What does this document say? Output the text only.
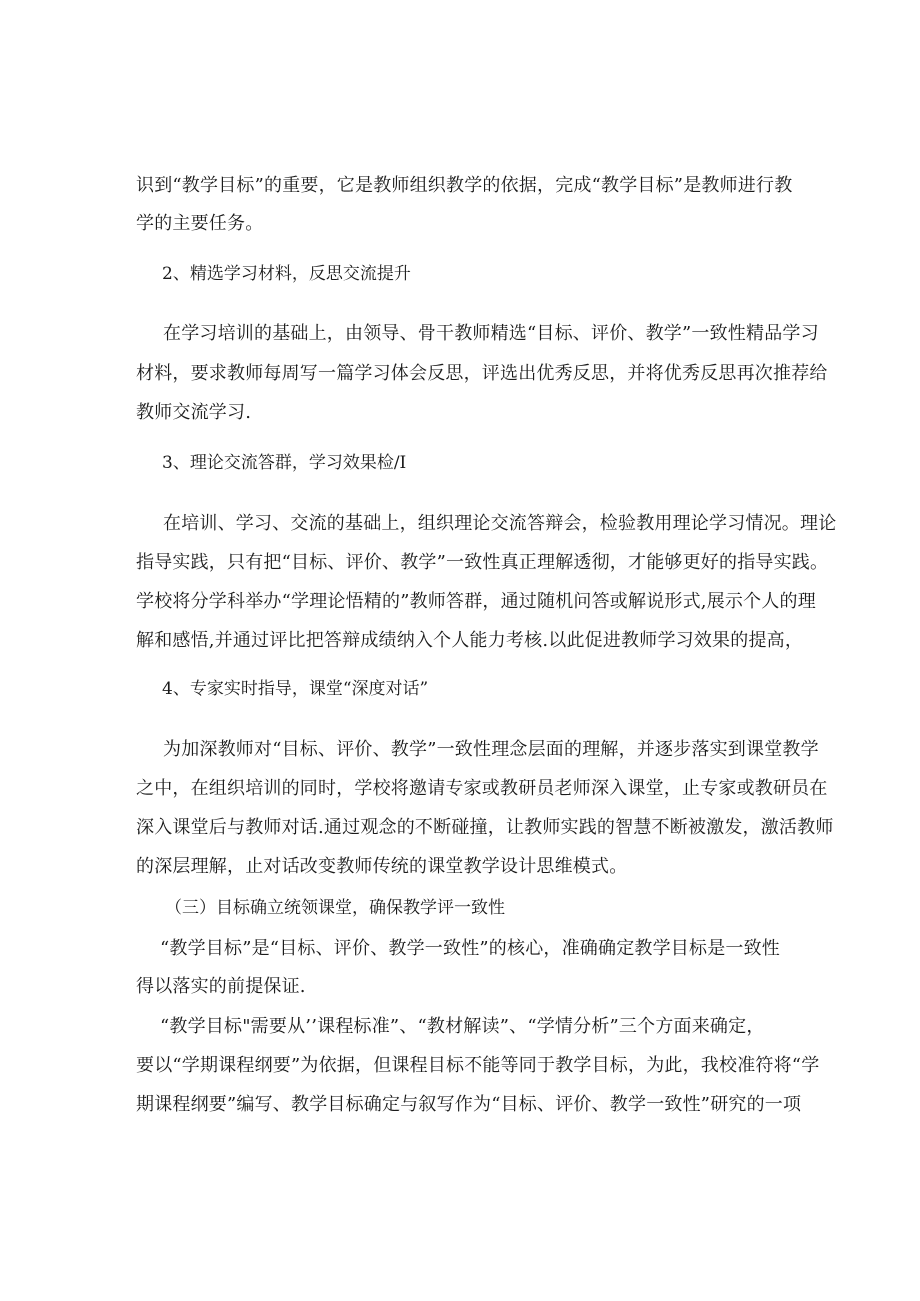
识到“教学目标”的重要，它是教师组织教学的依据，完成“教学目标”是教师进行教
学的主要任务。
2、精选学习材料，反思交流提升
在学习培训的基础上，由领导、骨干教师精选“目标、评价、教学”一致性精品学习
材料，要求教师每周写一篇学习体会反思，评选出优秀反思，并将优秀反思再次推荐给
教师交流学习.
3、理论交流答群，学习效果检/I
在培训、学习、交流的基础上，组织理论交流答辩会，检验教用理论学习情况。理论
指导实践，只有把“目标、评价、教学”一致性真正理解透彻，才能够更好的指导实践。
学校将分学科举办“学理论悟精的”教师答群，通过随机问答或解说形式,展示个人的理
解和感悟,并通过评比把答辩成绩纳入个人能力考核.以此促进教师学习效果的提高，
4、专家实时指导，课堂“深度对话”
为加深教师对“目标、评价、教学”一致性理念层面的理解，并逐步落实到课堂教学
之中，在组织培训的同时，学校将邀请专家或教研员老师深入课堂，止专家或教研员在
深入课堂后与教师对话.通过观念的不断碰撞，让教师实践的智慧不断被激发，激活教师
的深层理解，止对话改变教师传统的课堂教学设计思维模式。
（三）目标确立统领课堂，确保教学评一致性
“教学目标”是“目标、评价、教学一致性”的核心，准确确定教学目标是一致性
得以落实的前提保证.
“教学目标"需要从’’课程标准”、“教材解读”、“学情分析”三个方面来确定，
要以“学期课程纲要”为依据，但课程目标不能等同于教学目标，为此，我校准符将“学
期课程纲要”编写、教学目标确定与叙写作为“目标、评价、教学一致性”研究的一项
